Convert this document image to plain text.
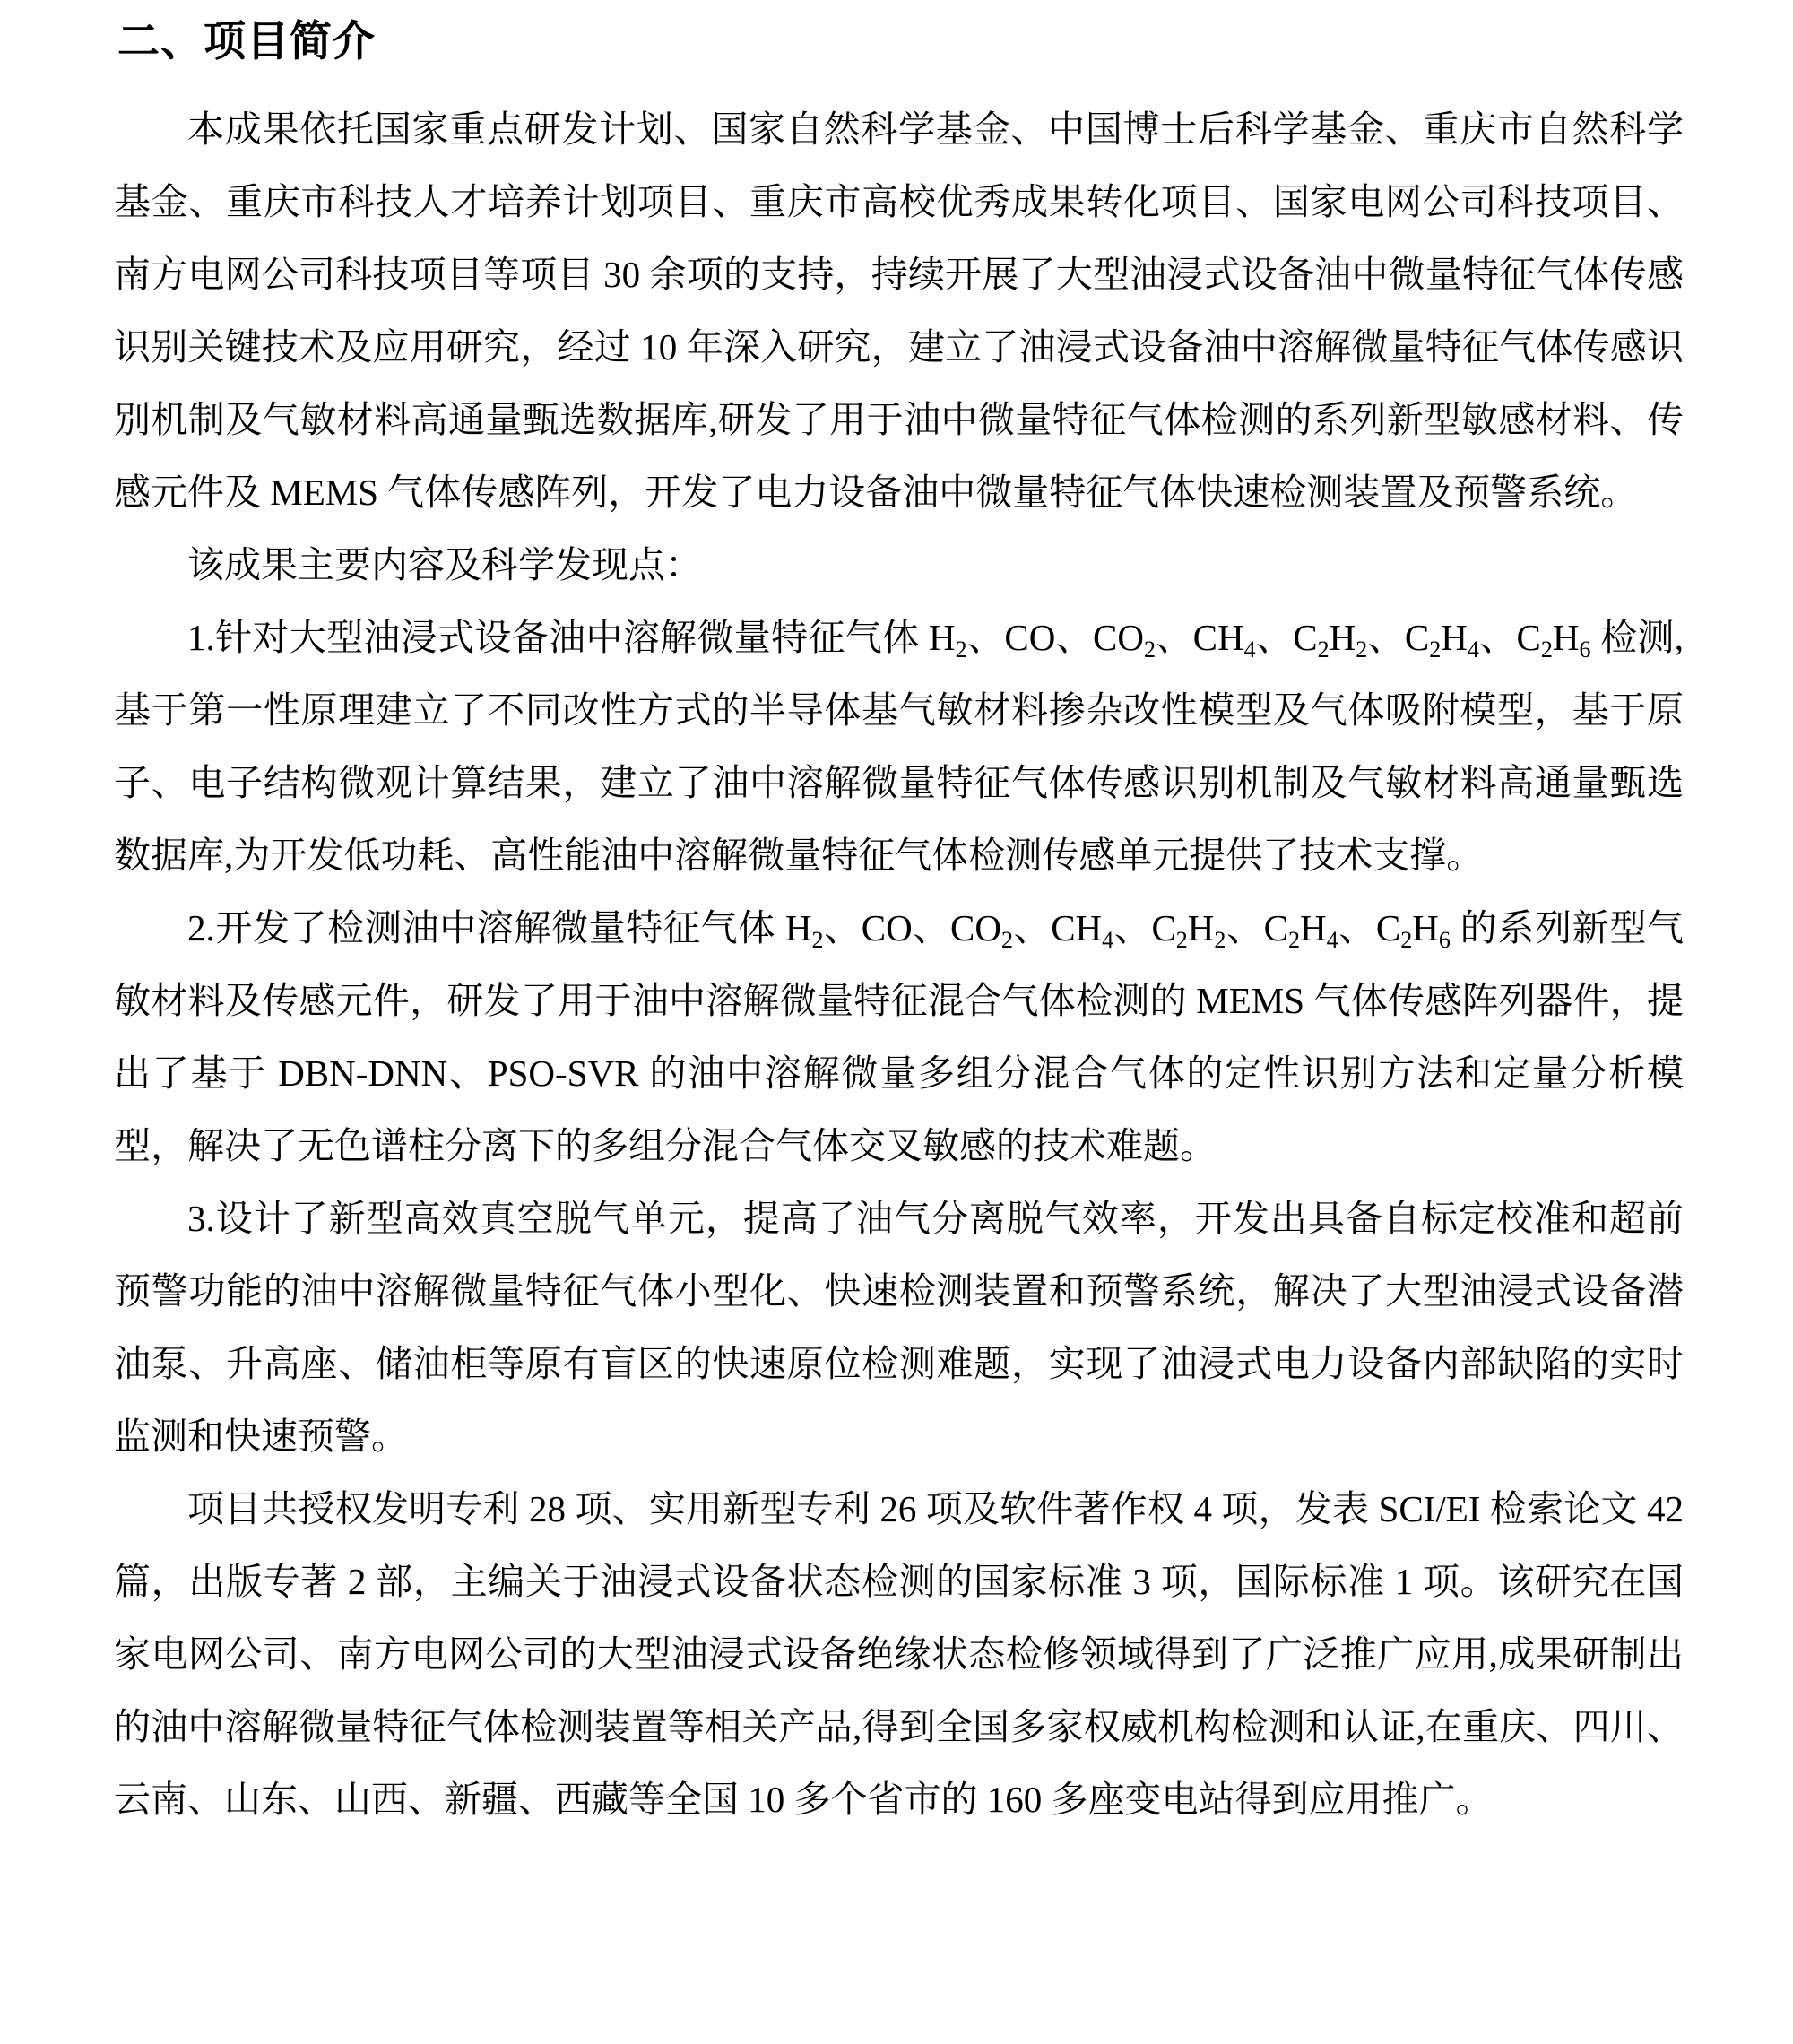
二、项目简介

本成果依托国家重点研发计划、国家自然科学基金、中国博士后科学基金、重庆市自然科学基金、重庆市科技人才培养计划项目、重庆市高校优秀成果转化项目、国家电网公司科技项目、南方电网公司科技项目等项目 30 余项的支持，持续开展了大型油浸式设备油中微量特征气体传感识别关键技术及应用研究，经过 10 年深入研究，建立了油浸式设备油中溶解微量特征气体传感识别机制及气敏材料高通量甄选数据库,研发了用于油中微量特征气体检测的系列新型敏感材料、传感元件及 MEMS 气体传感阵列，开发了电力设备油中微量特征气体快速检测装置及预警系统。

该成果主要内容及科学发现点：

1.针对大型油浸式设备油中溶解微量特征气体 $H_2$、CO、$CO_2$、$CH_4$、$C_2H_2$、$C_2H_4$、$C_2H_6$ 检测,基于第一性原理建立了不同改性方式的半导体基气敏材料掺杂改性模型及气体吸附模型，基于原子、电子结构微观计算结果，建立了油中溶解微量特征气体传感识别机制及气敏材料高通量甄选数据库,为开发低功耗、高性能油中溶解微量特征气体检测传感单元提供了技术支撑。

2.开发了检测油中溶解微量特征气体 $H_2$、CO、$CO_2$、$CH_4$、$C_2H_2$、$C_2H_4$、$C_2H_6$ 的系列新型气敏材料及传感元件，研发了用于油中溶解微量特征混合气体检测的 MEMS 气体传感阵列器件，提出了基于 DBN-DNN、PSO-SVR 的油中溶解微量多组分混合气体的定性识别方法和定量分析模型，解决了无色谱柱分离下的多组分混合气体交叉敏感的技术难题。

3.设计了新型高效真空脱气单元，提高了油气分离脱气效率，开发出具备自标定校准和超前预警功能的油中溶解微量特征气体小型化、快速检测装置和预警系统，解决了大型油浸式设备潜油泵、升高座、储油柜等原有盲区的快速原位检测难题，实现了油浸式电力设备内部缺陷的实时监测和快速预警。

项目共授权发明专利 28 项、实用新型专利 26 项及软件著作权 4 项，发表 SCI/EI 检索论文 42 篇，出版专著 2 部，主编关于油浸式设备状态检测的国家标准 3 项，国际标准 1 项。该研究在国家电网公司、南方电网公司的大型油浸式设备绝缘状态检修领域得到了广泛推广应用,成果研制出的油中溶解微量特征气体检测装置等相关产品,得到全国多家权威机构检测和认证,在重庆、四川、云南、山东、山西、新疆、西藏等全国 10 多个省市的 160 多座变电站得到应用推广。
